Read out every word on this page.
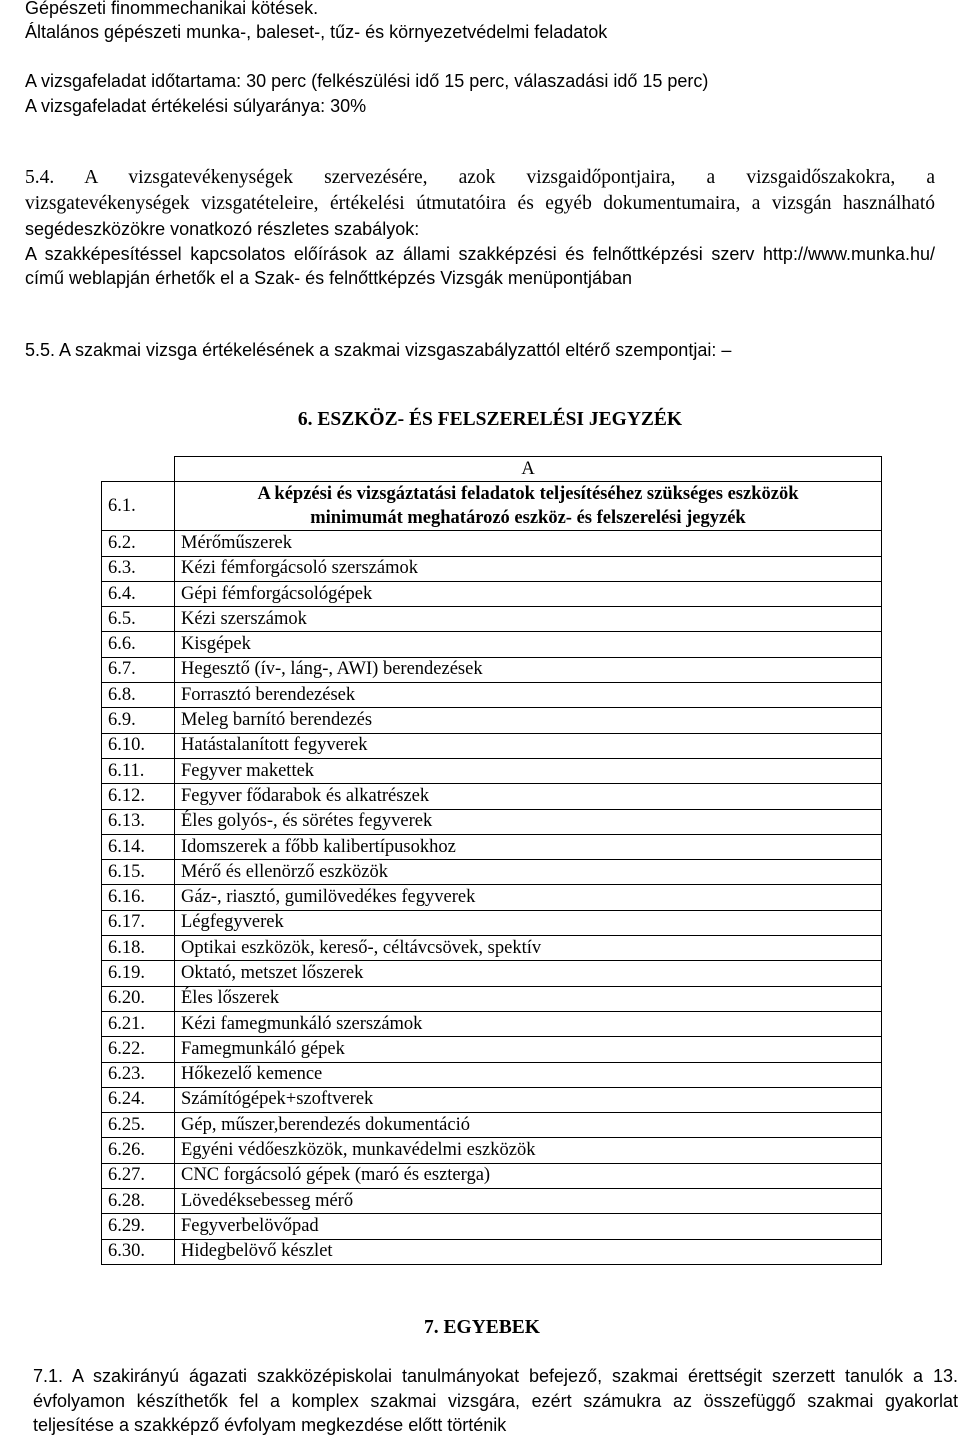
Gépészeti finommechanikai kötések.
Általános gépészeti munka-, baleset-, tűz- és környezetvédelmi feladatok
A vizsgafeladat időtartama: 30 perc (felkészülési idő 15 perc, válaszadási idő 15 perc)
A vizsgafeladat értékelési súlyaránya: 30%
5.4. A vizsgatevékenységek szervezésére, azok vizsgaidőpontjaira, a vizsgaidőszakokra, a
vizsgatevékenységek vizsgatételeire, értékelési útmutatóira és egyéb dokumentumaira, a vizsgán használható
segédeszközökre vonatkozó részletes szabályok:
A szakképesítéssel kapcsolatos előírások az állami szakképzési és felnőttképzési szerv http://www.munka.hu/
című weblapján érhetők el a Szak- és felnőttképzés Vizsgák menüpontjában
5.5. A szakmai vizsga értékelésének a szakmai vizsgaszabályzattól eltérő szempontjai: –
6. ESZKÖZ- ÉS FELSZERELÉSI JEGYZÉK
	A
6.1.	A képzési és vizsgáztatási feladatok teljesítéséhez szükséges eszközök
minimumát meghatározó eszköz- és felszerelési jegyzék

6.2.	Mérőműszerek
6.3.	Kézi fémforgácsoló szerszámok
6.4.	Gépi fémforgácsológépek
6.5.	Kézi szerszámok
6.6.	Kisgépek
6.7.	Hegesztő (ív-, láng-, AWI) berendezések
6.8.	Forrasztó berendezések
6.9.	Meleg barnító berendezés
6.10.	Hatástalanított fegyverek
6.11.	Fegyver makettek
6.12.	Fegyver fődarabok és alkatrészek
6.13.	Éles golyós-, és sörétes fegyverek
6.14.	Idomszerek a főbb kalibertípusokhoz
6.15.	Mérő és ellenörző eszközök
6.16.	Gáz-, riasztó, gumilövedékes fegyverek
6.17.	Légfegyverek
6.18.	Optikai eszközök, kereső-, céltávcsövek, spektív
6.19.	Oktató, metszet lőszerek
6.20.	Éles lőszerek
6.21.	Kézi famegmunkáló szerszámok
6.22.	Famegmunkáló gépek
6.23.	Hőkezelő kemence
6.24.	Számítógépek+szoftverek
6.25.	Gép, műszer,berendezés dokumentáció
6.26.	Egyéni védőeszközök, munkavédelmi eszközök
6.27.	CNC forgácsoló gépek (maró és eszterga)
6.28.	Lövedéksebesseg mérő
6.29.	Fegyverbelövőpad
6.30.	Hidegbelövő készlet
7. EGYEBEK
7.1. A szakirányú ágazati szakközépiskolai tanulmányokat befejező, szakmai érettségit szerzett tanulók a 13.
évfolyamon készíthetők fel a komplex szakmai vizsgára, ezért számukra az összefüggő szakmai gyakorlat
teljesítése a szakképző évfolyam megkezdése előtt történik
